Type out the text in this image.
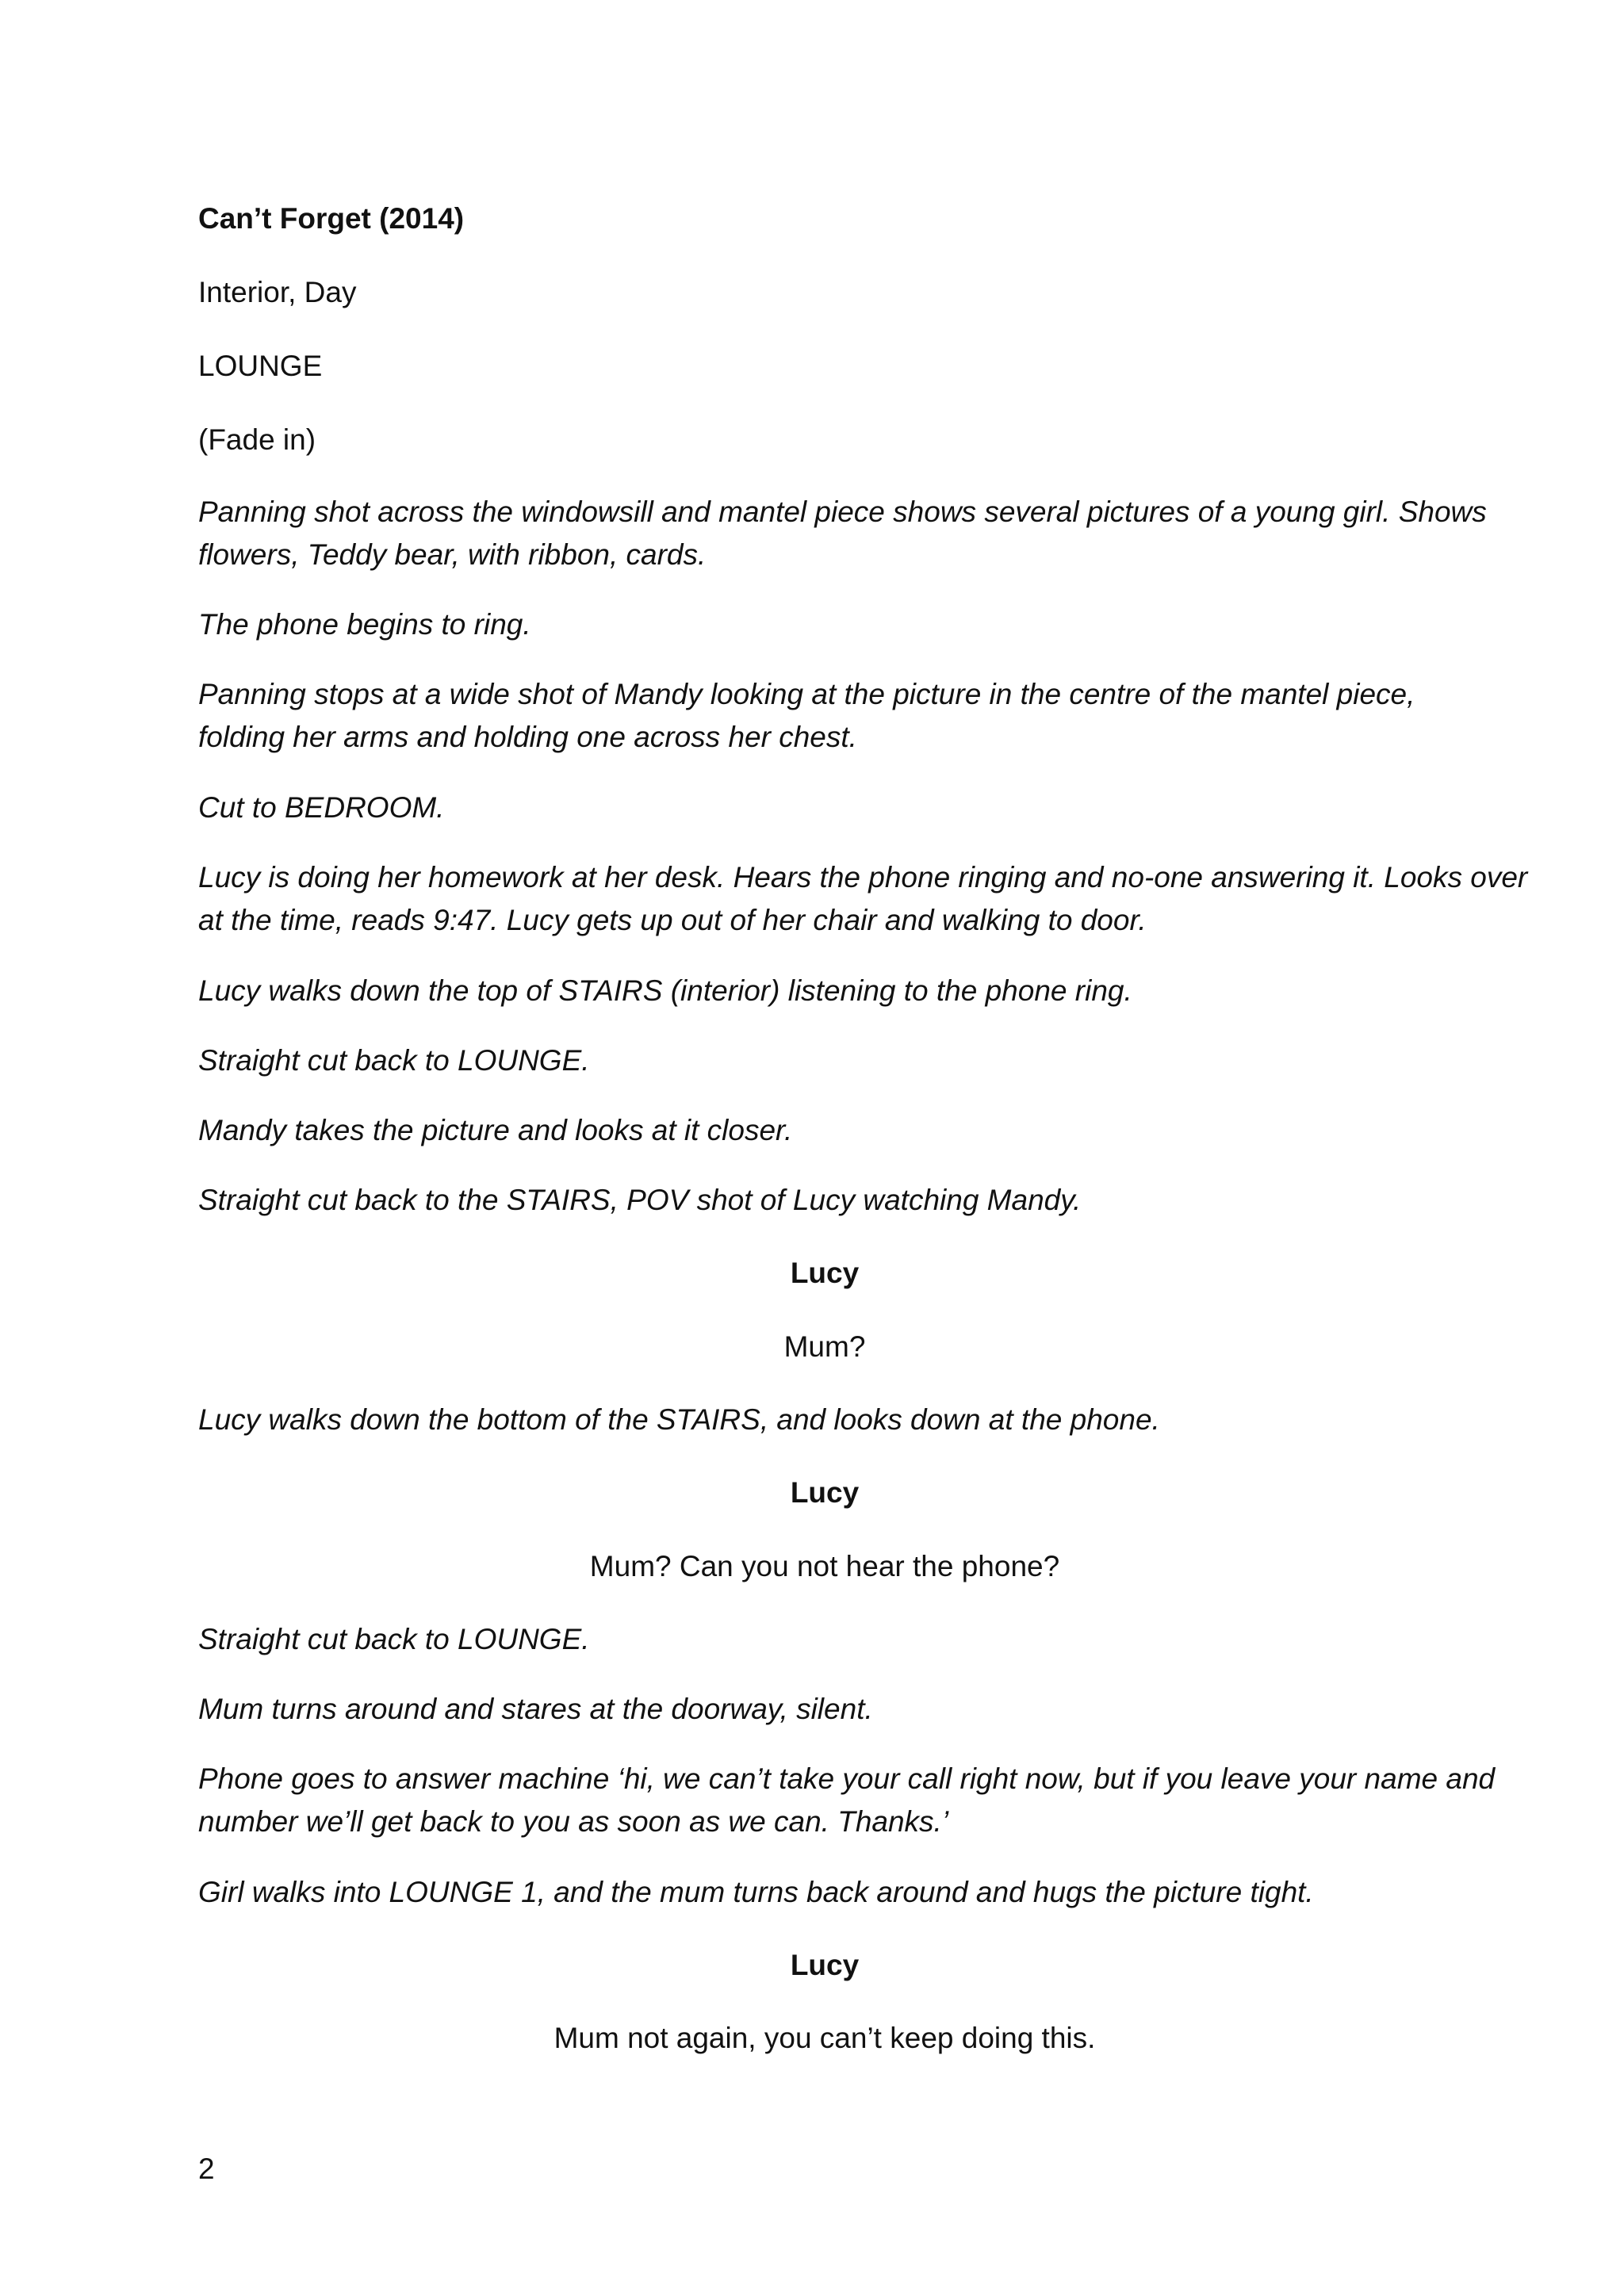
Can’t Forget (2014)
Interior, Day
LOUNGE
(Fade in)
Panning shot across the windowsill and mantel piece shows several pictures of a young girl. Shows
flowers, Teddy bear, with ribbon, cards.
The phone begins to ring.
Panning stops at a wide shot of Mandy looking at the picture in the centre of the mantel piece,
folding her arms and holding one across her chest.
Cut to BEDROOM.
Lucy is doing her homework at her desk. Hears the phone ringing and no-one answering it. Looks over
at the time, reads 9:47. Lucy gets up out of her chair and walking to door.
Lucy walks down the top of STAIRS (interior) listening to the phone ring.
Straight cut back to LOUNGE.
Mandy takes the picture and looks at it closer.
Straight cut back to the STAIRS, POV shot of Lucy watching Mandy.
Lucy
Mum?
Lucy walks down the bottom of the STAIRS, and looks down at the phone.
Lucy
Mum? Can you not hear the phone?
Straight cut back to LOUNGE.
Mum turns around and stares at the doorway, silent.
Phone goes to answer machine ‘hi, we can’t take your call right now, but if you leave your name and
number we’ll get back to you as soon as we can. Thanks.’
Girl walks into LOUNGE 1, and the mum turns back around and hugs the picture tight.
Lucy
Mum not again, you can’t keep doing this.
2
